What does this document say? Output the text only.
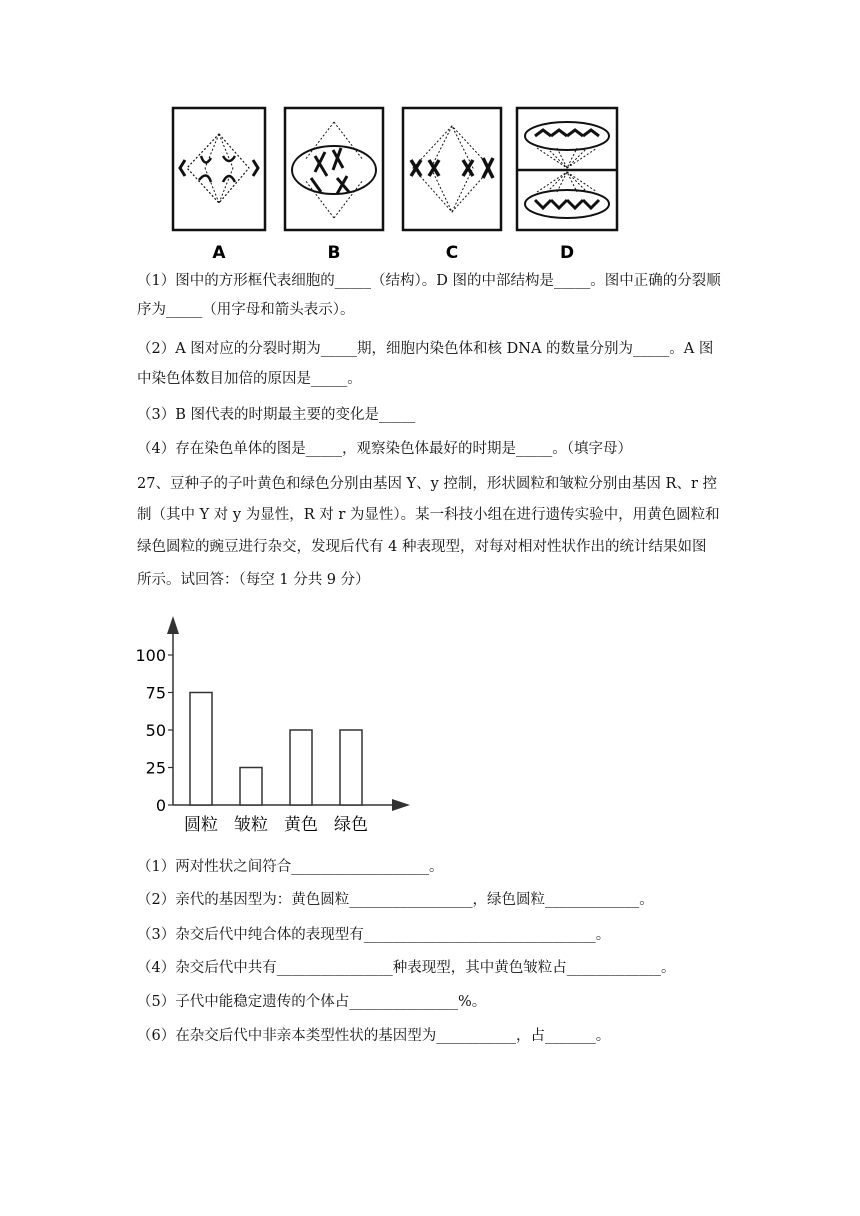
A	B	C	D
（1）图中的方形框代表细胞的_____（结构）。D 图的中部结构是_____。图中正确的分裂顺
序为_____（用字母和箭头表示）。
（2）A 图对应的分裂时期为_____期，细胞内染色体和核 DNA 的数量分别为_____。A 图
中染色体数目加倍的原因是_____。
（3）B 图代表的时期最主要的变化是_____
（4）存在染色单体的图是_____，观察染色体最好的时期是_____。（填字母）
27、豆种子的子叶黄色和绿色分别由基因 Y、y 控制，形状圆粒和皱粒分别由基因 R、r 控
制（其中 Y 对 y 为显性，R 对 r 为显性）。某一科技小组在进行遗传实验中，用黄色圆粒和
绿色圆粒的豌豆进行杂交，发现后代有 4 种表现型，对每对相对性状作出的统计结果如图
所示。试回答：（每空 1 分共 9 分）
0
25
50
75
100
圆粒 皱粒 黄色 绿色
（1）两对性状之间符合___________________。
（2）亲代的基因型为：黄色圆粒_________________，绿色圆粒_____________。
（3）杂交后代中纯合体的表现型有________________________________。
（4）杂交后代中共有________________种表现型，其中黄色皱粒占_____________。
（5）子代中能稳定遗传的个体占_______________%。
（6）在杂交后代中非亲本类型性状的基因型为___________，占_______。
